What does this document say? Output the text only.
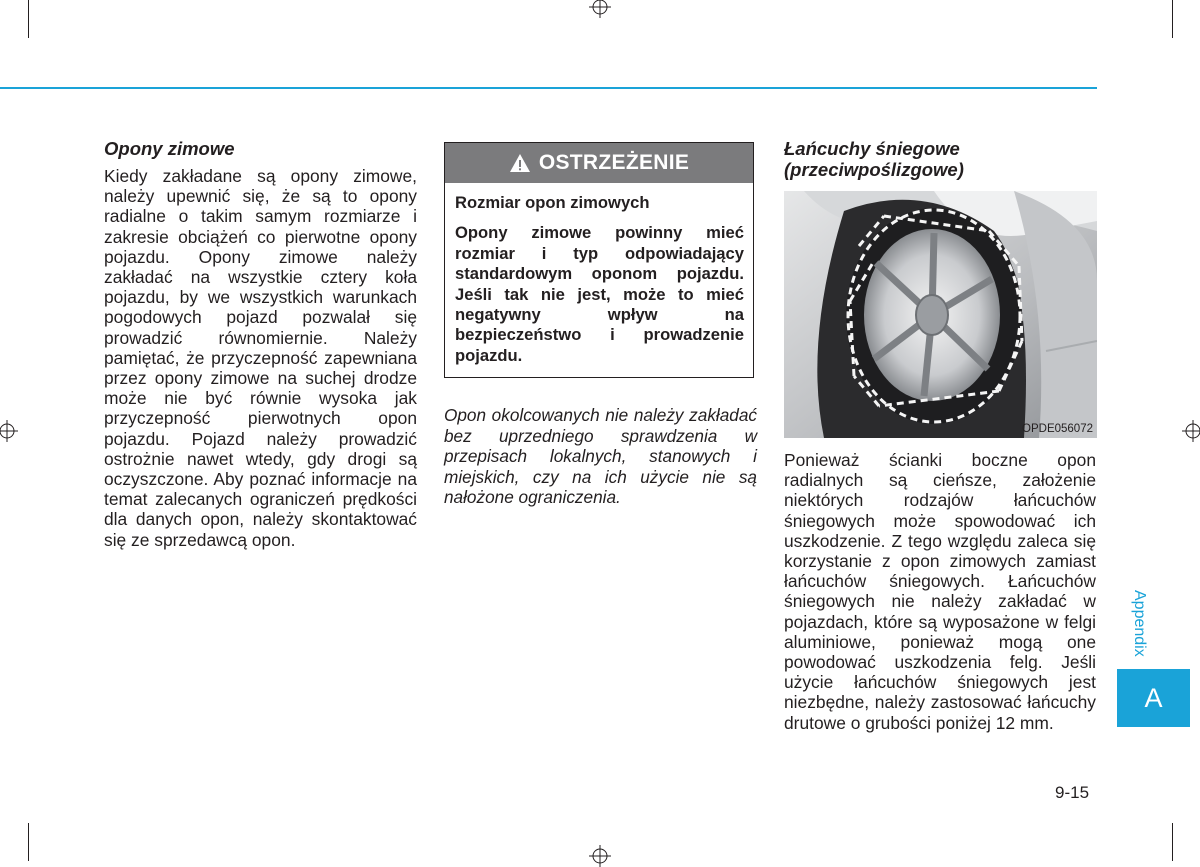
Opony zimowe

Kiedy zakładane są opony zimowe, należy upewnić się, że są to opony radialne o takim samym rozmiarze i zakresie obciążeń co pierwotne opony pojazdu. Opony zimowe należy zakładać na wszystkie cztery koła pojazdu, by we wszystkich warunkach pogodowych pojazd pozwalał się prowadzić równomiernie. Należy pamiętać, że przyczepność zapewniana przez opony zimowe na suchej drodze może nie być równie wysoka jak przyczepność pierwotnych opon pojazdu. Pojazd należy prowadzić ostrożnie nawet wtedy, gdy drogi są oczyszczone. Aby poznać informacje na temat zalecanych ograniczeń prędkości dla danych opon, należy skontaktować się ze sprzedawcą opon.

OSTRZEŻENIE

Rozmiar opon zimowych

Opony zimowe powinny mieć rozmiar i typ odpowiadający standardowym oponom pojazdu. Jeśli tak nie jest, może to mieć negatywny wpływ na bezpieczeństwo i prowadzenie pojazdu.

Opon okolcowanych nie należy zakładać bez uprzedniego sprawdzenia w przepisach lokalnych, stanowych i miejskich, czy na ich użycie nie są nałożone ograniczenia.

Łańcuchy śniegowe (przeciwpoślizgowe)
OPDE056072

Ponieważ ścianki boczne opon radialnych są cieńsze, założenie niektórych rodzajów łańcuchów śniegowych może spowodować ich uszkodzenie. Z tego względu zaleca się korzystanie z opon zimowych zamiast łańcuchów śniegowych. Łańcuchów śniegowych nie należy zakładać w pojazdach, które są wyposażone w felgi aluminiowe, ponieważ mogą one powodować uszkodzenia felg. Jeśli użycie łańcuchów śniegowych jest niezbędne, należy zastosować łańcuchy drutowe o grubości poniżej 12 mm.

Appendix
A
9-15
